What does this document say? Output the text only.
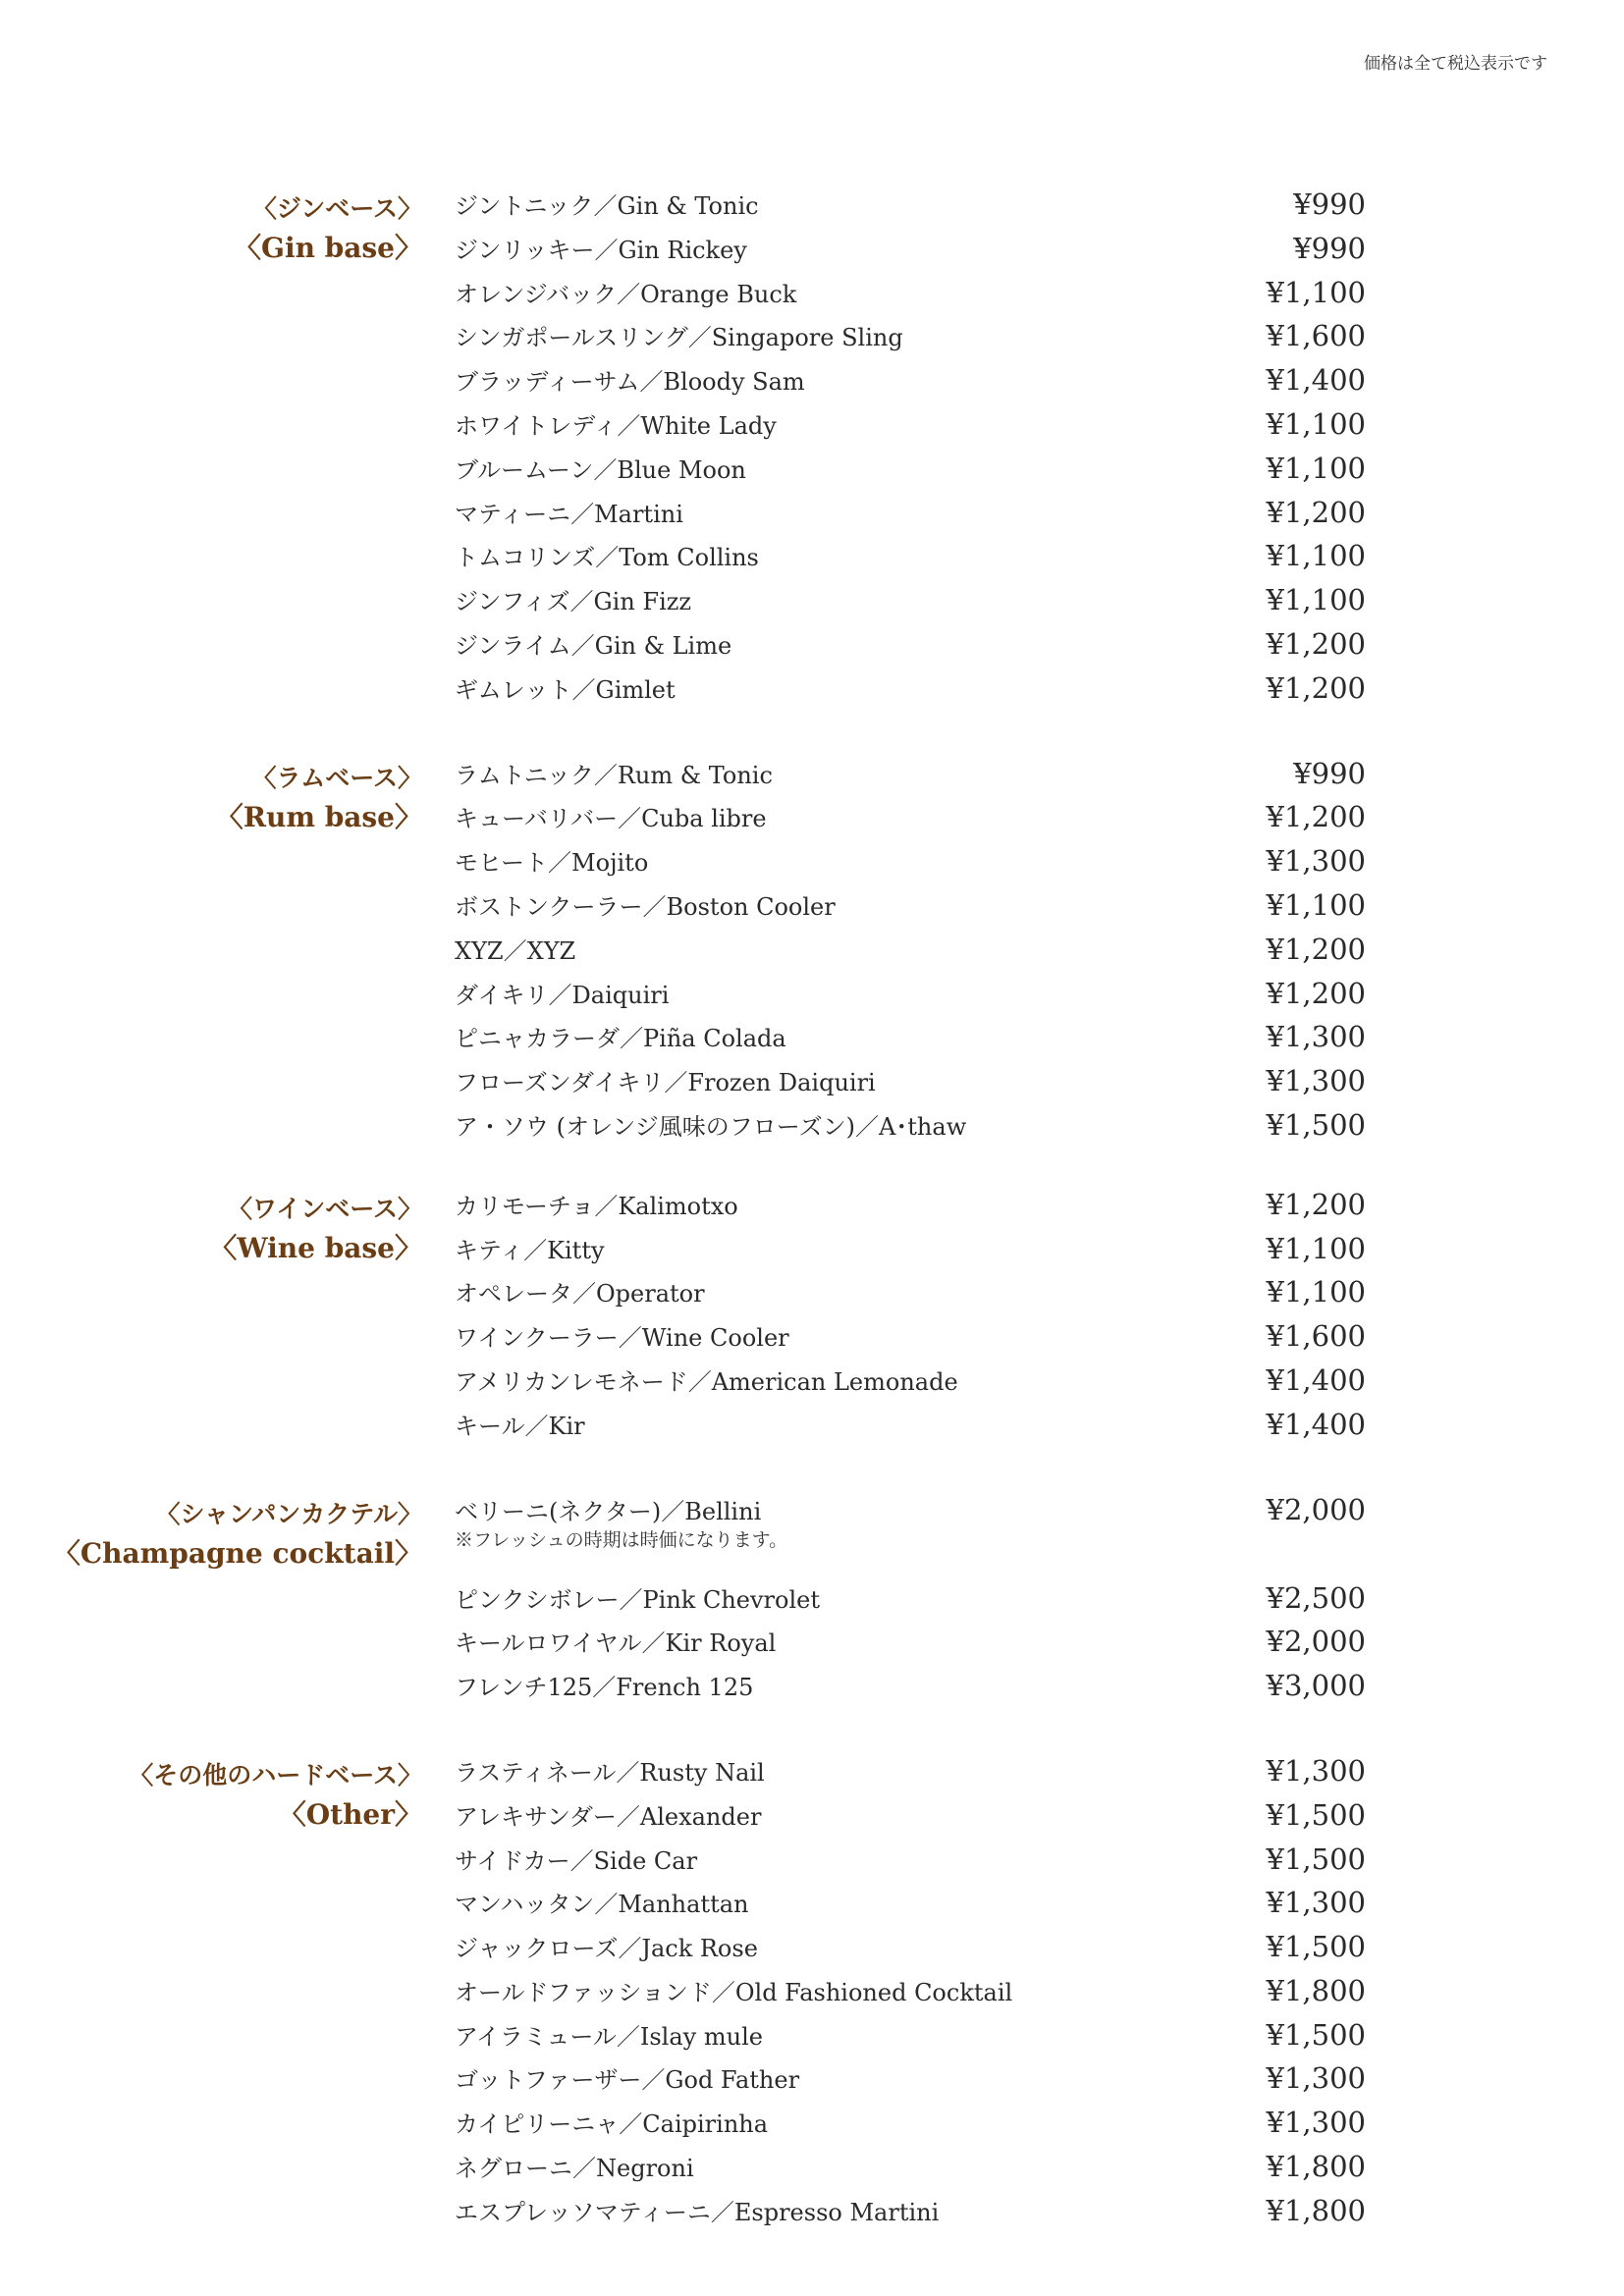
価格は全て税込表示です
〈ジンベース〉
〈Gin base〉
ジントニック／Gin & Tonic	¥990
ジンリッキー／Gin Rickey	¥990
オレンジバック／Orange Buck	¥1,100
シンガポールスリング／Singapore Sling	¥1,600
ブラッディーサム／Bloody Sam	¥1,400
ホワイトレディ／White Lady	¥1,100
ブルームーン／Blue Moon	¥1,100
マティーニ／Martini	¥1,200
トムコリンズ／Tom Collins	¥1,100
ジンフィズ／Gin Fizz	¥1,100
ジンライム／Gin & Lime	¥1,200
ギムレット／Gimlet	¥1,200
〈ラムベース〉
〈Rum base〉
ラムトニック／Rum & Tonic	¥990
キューバリバー／Cuba libre	¥1,200
モヒート／Mojito	¥1,300
ボストンクーラー／Boston Cooler	¥1,100
XYZ／XYZ	¥1,200
ダイキリ／Daiquiri	¥1,200
ピニャカラーダ／Piña Colada	¥1,300
フローズンダイキリ／Frozen Daiquiri	¥1,300
ア・ソウ (オレンジ風味のフローズン)／A･thaw	¥1,500
〈ワインベース〉
〈Wine base〉
カリモーチョ／Kalimotxo	¥1,200
キティ／Kitty	¥1,100
オペレータ／Operator	¥1,100
ワインクーラー／Wine Cooler	¥1,600
アメリカンレモネード／American Lemonade	¥1,400
キール／Kir	¥1,400
〈シャンパンカクテル〉
〈Champagne cocktail〉
ベリーニ(ネクター)／Bellini	¥2,000
※フレッシュの時期は時価になります。
ピンクシボレー／Pink Chevrolet	¥2,500
キールロワイヤル／Kir Royal	¥2,000
フレンチ125／French 125	¥3,000
〈その他のハードベース〉
〈Other〉
ラスティネール／Rusty Nail	¥1,300
アレキサンダー／Alexander	¥1,500
サイドカー／Side Car	¥1,500
マンハッタン／Manhattan	¥1,300
ジャックローズ／Jack Rose	¥1,500
オールドファッションド／Old Fashioned Cocktail	¥1,800
アイラミュール／Islay mule	¥1,500
ゴットファーザー／God Father	¥1,300
カイピリーニャ／Caipirinha	¥1,300
ネグローニ／Negroni	¥1,800
エスプレッソマティーニ／Espresso Martini	¥1,800
